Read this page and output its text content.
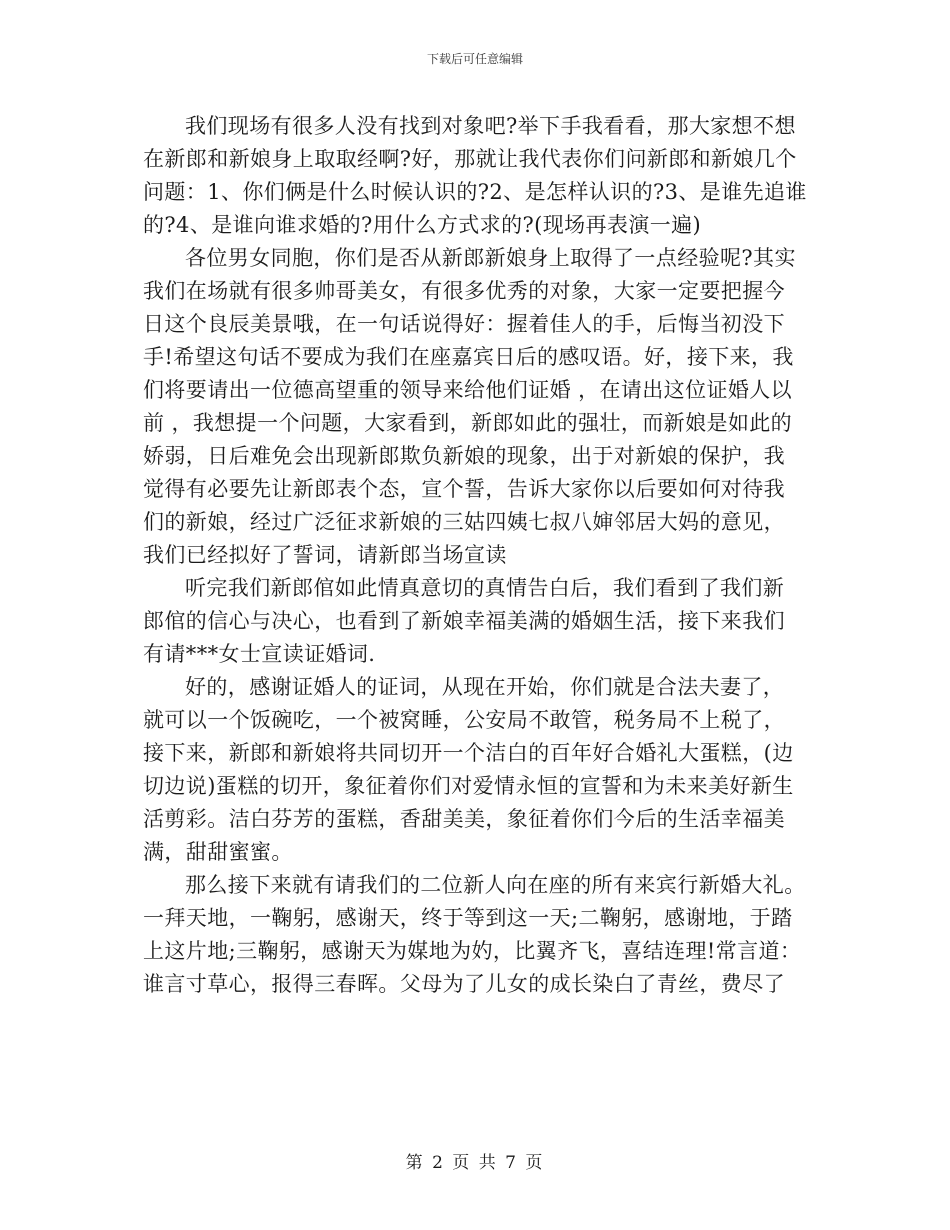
下载后可任意编辑

我们现场有很多人没有找到对象吧?举下手我看看，那大家想不想
在新郎和新娘身上取取经啊?好，那就让我代表你们问新郎和新娘几个
问题：1、你们俩是什么时候认识的?2、是怎样认识的?3、是谁先追谁
的?4、是谁向谁求婚的?用什么方式求的?(现场再表演一遍)

各位男女同胞，你们是否从新郎新娘身上取得了一点经验呢?其实
我们在场就有很多帅哥美女，有很多优秀的对象，大家一定要把握今
日这个良辰美景哦，在一句话说得好：握着佳人的手，后悔当初没下
手!希望这句话不要成为我们在座嘉宾日后的感叹语。好，接下来，我
们将要请出一位德高望重的领导来给他们证婚 ，在请出这位证婚人以
前 ，我想提一个问题，大家看到，新郎如此的强壮，而新娘是如此的
娇弱，日后难免会出现新郎欺负新娘的现象，出于对新娘的保护，我
觉得有必要先让新郎表个态，宣个誓，告诉大家你以后要如何对待我
们的新娘，经过广泛征求新娘的三姑四姨七叔八婶邻居大妈的意见，
我们已经拟好了誓词，请新郎当场宣读

听完我们新郎倌如此情真意切的真情告白后，我们看到了我们新
郎倌的信心与决心，也看到了新娘幸福美满的婚姻生活，接下来我们
有请***女士宣读证婚词.

好的，感谢证婚人的证词，从现在开始，你们就是合法夫妻了，
就可以一个饭碗吃，一个被窝睡，公安局不敢管，税务局不上税了，
接下来，新郎和新娘将共同切开一个洁白的百年好合婚礼大蛋糕，(边
切边说)蛋糕的切开，象征着你们对爱情永恒的宣誓和为未来美好新生
活剪彩。洁白芬芳的蛋糕，香甜美美，象征着你们今后的生活幸福美
满，甜甜蜜蜜。

那么接下来就有请我们的二位新人向在座的所有来宾行新婚大礼。
一拜天地，一鞠躬，感谢天，终于等到这一天;二鞠躬，感谢地，于踏
上这片地;三鞠躬，感谢天为媒地为妁，比翼齐飞，喜结连理!常言道：
谁言寸草心，报得三春晖。父母为了儿女的成长染白了青丝，费尽了

第 2 页 共 7 页
